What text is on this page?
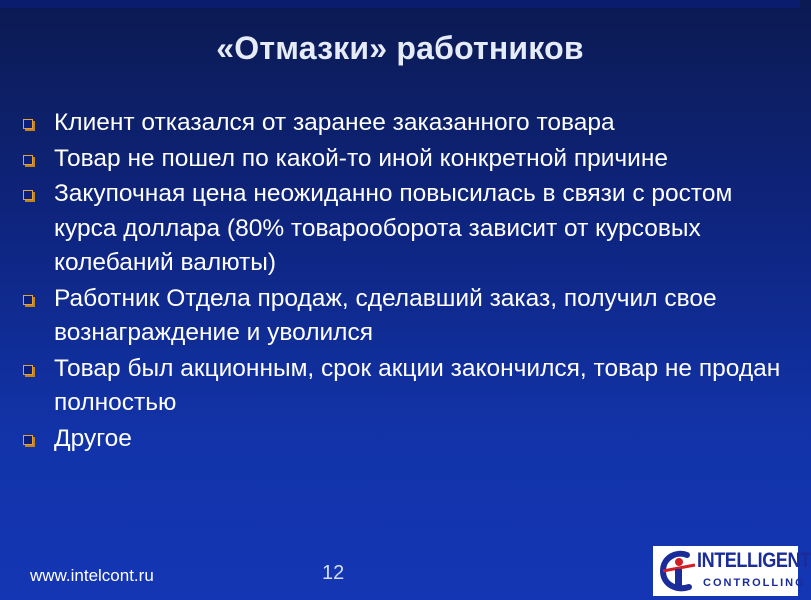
«Отмазки» работников
Клиент отказался от заранее заказанного товара
Товар не пошел по какой-то иной конкретной причине
Закупочная цена неожиданно повысилась в связи с ростом курса доллара (80% товарооборота зависит от курсовых колебаний валюты)
Работник Отдела продаж, сделавший заказ, получил свое вознаграждение и уволился
Товар был акционным, срок акции закончился, товар не продан полностью
Другое
www.intelcont.ru	12
INTELLIGENT
CONTROLLING
